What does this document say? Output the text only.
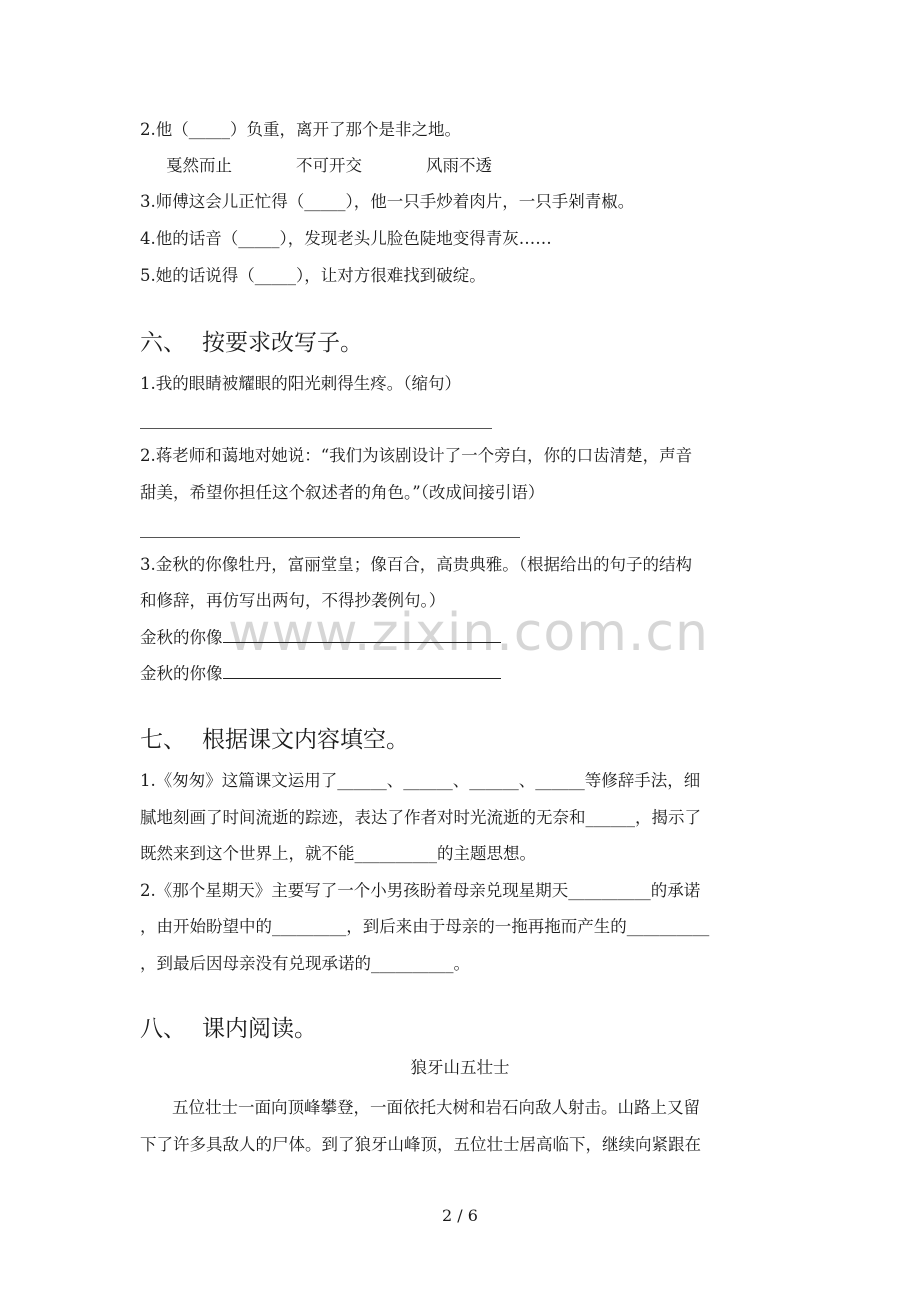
www.zixin.com.cn
2.他（_____）负重，离开了那个是非之地。
戛然而止	不可开交	风雨不透
3.师傅这会儿正忙得（_____），他一只手炒着肉片，一只手剁青椒。
4.他的话音（_____），发现老头儿脸色陡地变得青灰……
5.她的话说得（_____），让对方很难找到破绽。
六、 按要求改写子。
1.我的眼睛被耀眼的阳光刺得生疼。（缩句）
2.蒋老师和蔼地对她说：“我们为该剧设计了一个旁白，你的口齿清楚，声音
甜美，希望你担任这个叙述者的角色。”（改成间接引语）
3.金秋的你像牡丹，富丽堂皇；像百合，高贵典雅。（根据给出的句子的结构
和修辞，再仿写出两句，不得抄袭例句。）
金秋的你像
金秋的你像
七、 根据课文内容填空。
1.《匆匆》这篇课文运用了______、______、______、______等修辞手法，细
腻地刻画了时间流逝的踪迹，表达了作者对时光流逝的无奈和______，揭示了
既然来到这个世界上，就不能__________的主题思想。
2.《那个星期天》主要写了一个小男孩盼着母亲兑现星期天__________的承诺
，由开始盼望中的_________，到后来由于母亲的一拖再拖而产生的__________
，到最后因母亲没有兑现承诺的__________。
八、 课内阅读。
狼牙山五壮士
五位壮士一面向顶峰攀登，一面依托大树和岩石向敌人射击。山路上又留
下了许多具敌人的尸体。到了狼牙山峰顶，五位壮士居高临下，继续向紧跟在
2 / 6
